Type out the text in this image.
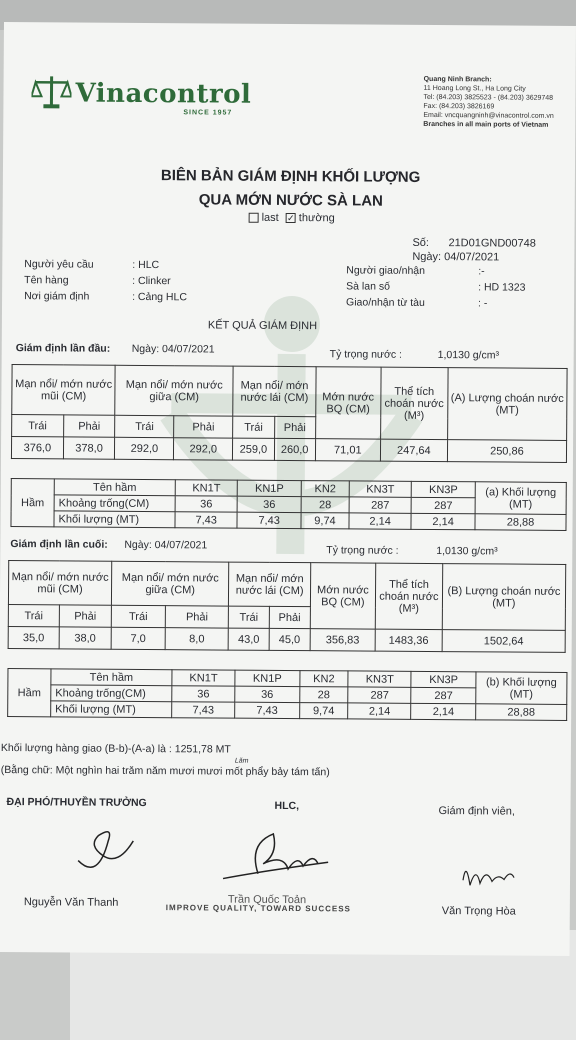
Vinacontrol
SINCE 1957
Quang Ninh Branch:
11 Hoang Long St., Ha Long City
Tel: (84.203) 3825523 - (84.203) 3629748
Fax: (84.203) 3826169
Email: vncquangninh@vinacontrol.com.vn
Branches in all main ports of Vietnam
BIÊN BẢN GIÁM ĐỊNH KHỐI LƯỢNG
QUA MỚN NƯỚC SÀ LAN
last ✓ thường
Số: 21D01GND00748
Ngày: 04/07/2021
Người yêu cầu	: HLC
Tên hàng	: Clinker
Nơi giám định	: Cảng HLC
Người giao/nhận	:-
Sà lan số	: HD 1323
Giao/nhận từ tàu	: -
KẾT QUẢ GIÁM ĐỊNH
Giám định lần đầu: Ngày: 04/07/2021	Tỷ trọng nước :	1,0130 g/cm³
Mạn nổi/ mớn nước mũi (CM)		Mạn nổi/ mớn nước giữa (CM)		Mạn nổi/ mớn nước lái (CM)		Mớn nước BQ (CM)	Thể tích choán nước (M³)	(A) Lượng choán nước (MT)
Trái	Phải	Trái	Phải	Trái	Phải			
376,0	378,0	292,0	292,0	259,0	260,0	71,01	247,64	250,86
Hầm	Tên hầm	KN1T	KN1P	KN2	KN3T	KN3P	(a) Khối lượng (MT)
	Khoảng trống(CM)	36	36	28	287	287	
	Khối lượng (MT)	7,43	7,43	9,74	2,14	2,14	28,88
Giám định lần cuối: Ngày: 04/07/2021	Tỷ trọng nước :	1,0130 g/cm³
Mạn nổi/ mớn nước mũi (CM)		Mạn nổi/ mớn nước giữa (CM)		Mạn nổi/ mớn nước lái (CM)		Mớn nước BQ (CM)	Thể tích choán nước (M³)	(B) Lượng choán nước (MT)
Trái	Phải	Trái	Phải	Trái	Phải			
35,0	38,0	7,0	8,0	43,0	45,0	356,83	1483,36	1502,64
Hầm	Tên hầm	KN1T	KN1P	KN2	KN3T	KN3P	(b) Khối lượng (MT)
	Khoảng trống(CM)	36	36	28	287	287	
	Khối lượng (MT)	7,43	7,43	9,74	2,14	2,14	28,88
Khối lượng hàng giao (B-b)-(A-a) là : 1251,78 MT
(Bằng chữ: Một nghìn hai trăm năm mươi mươi mốt phẩy bảy tám tấn)
Lăm
ĐẠI PHÓ/THUYỀN TRƯỞNG	HLC,	Giám định viên,
Nguyễn Văn Thanh	IMPROVE QUALITY, TOWARD SUCCESS
Trần Quốc Toản
Văn Trọng Hòa
